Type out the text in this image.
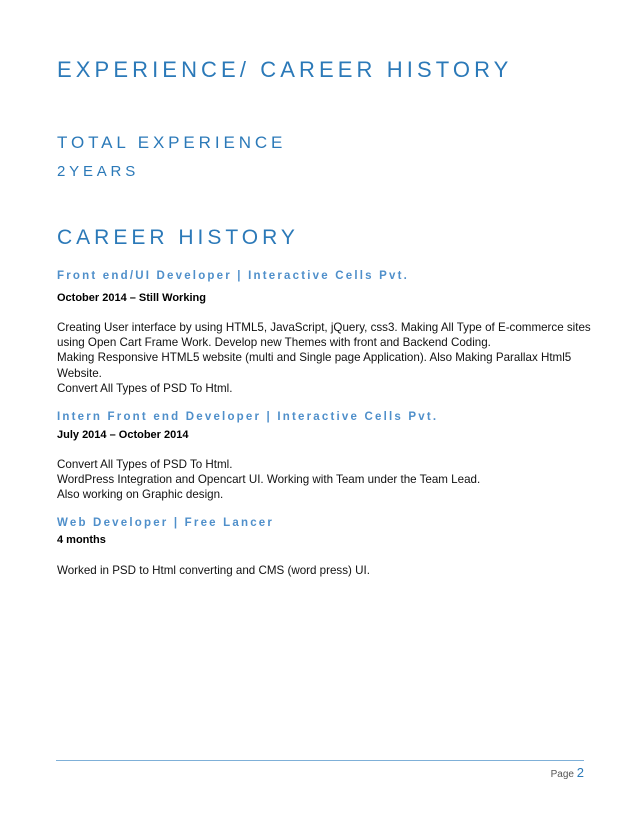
EXPERIENCE/ CAREER HISTORY
TOTAL EXPERIENCE
2YEARS
CAREER HISTORY

Front end/UI Developer | Interactive Cells Pvt.

October 2014 – Still Working

Creating User interface by using HTML5, JavaScript, jQuery, css3. Making All Type of E-commerce sites
using Open Cart Frame Work. Develop new Themes with front and Backend Coding.
Making Responsive HTML5 website (multi and Single page Application). Also Making Parallax Html5
Website.
Convert All Types of PSD To Html.

Intern Front end Developer | Interactive Cells Pvt.

July 2014 – October 2014

Convert All Types of PSD To Html.
WordPress Integration and Opencart UI. Working with Team under the Team Lead.
Also working on Graphic design.

Web Developer | Free Lancer

4 months

Worked in PSD to Html converting and CMS (word press) UI.
Page 2
